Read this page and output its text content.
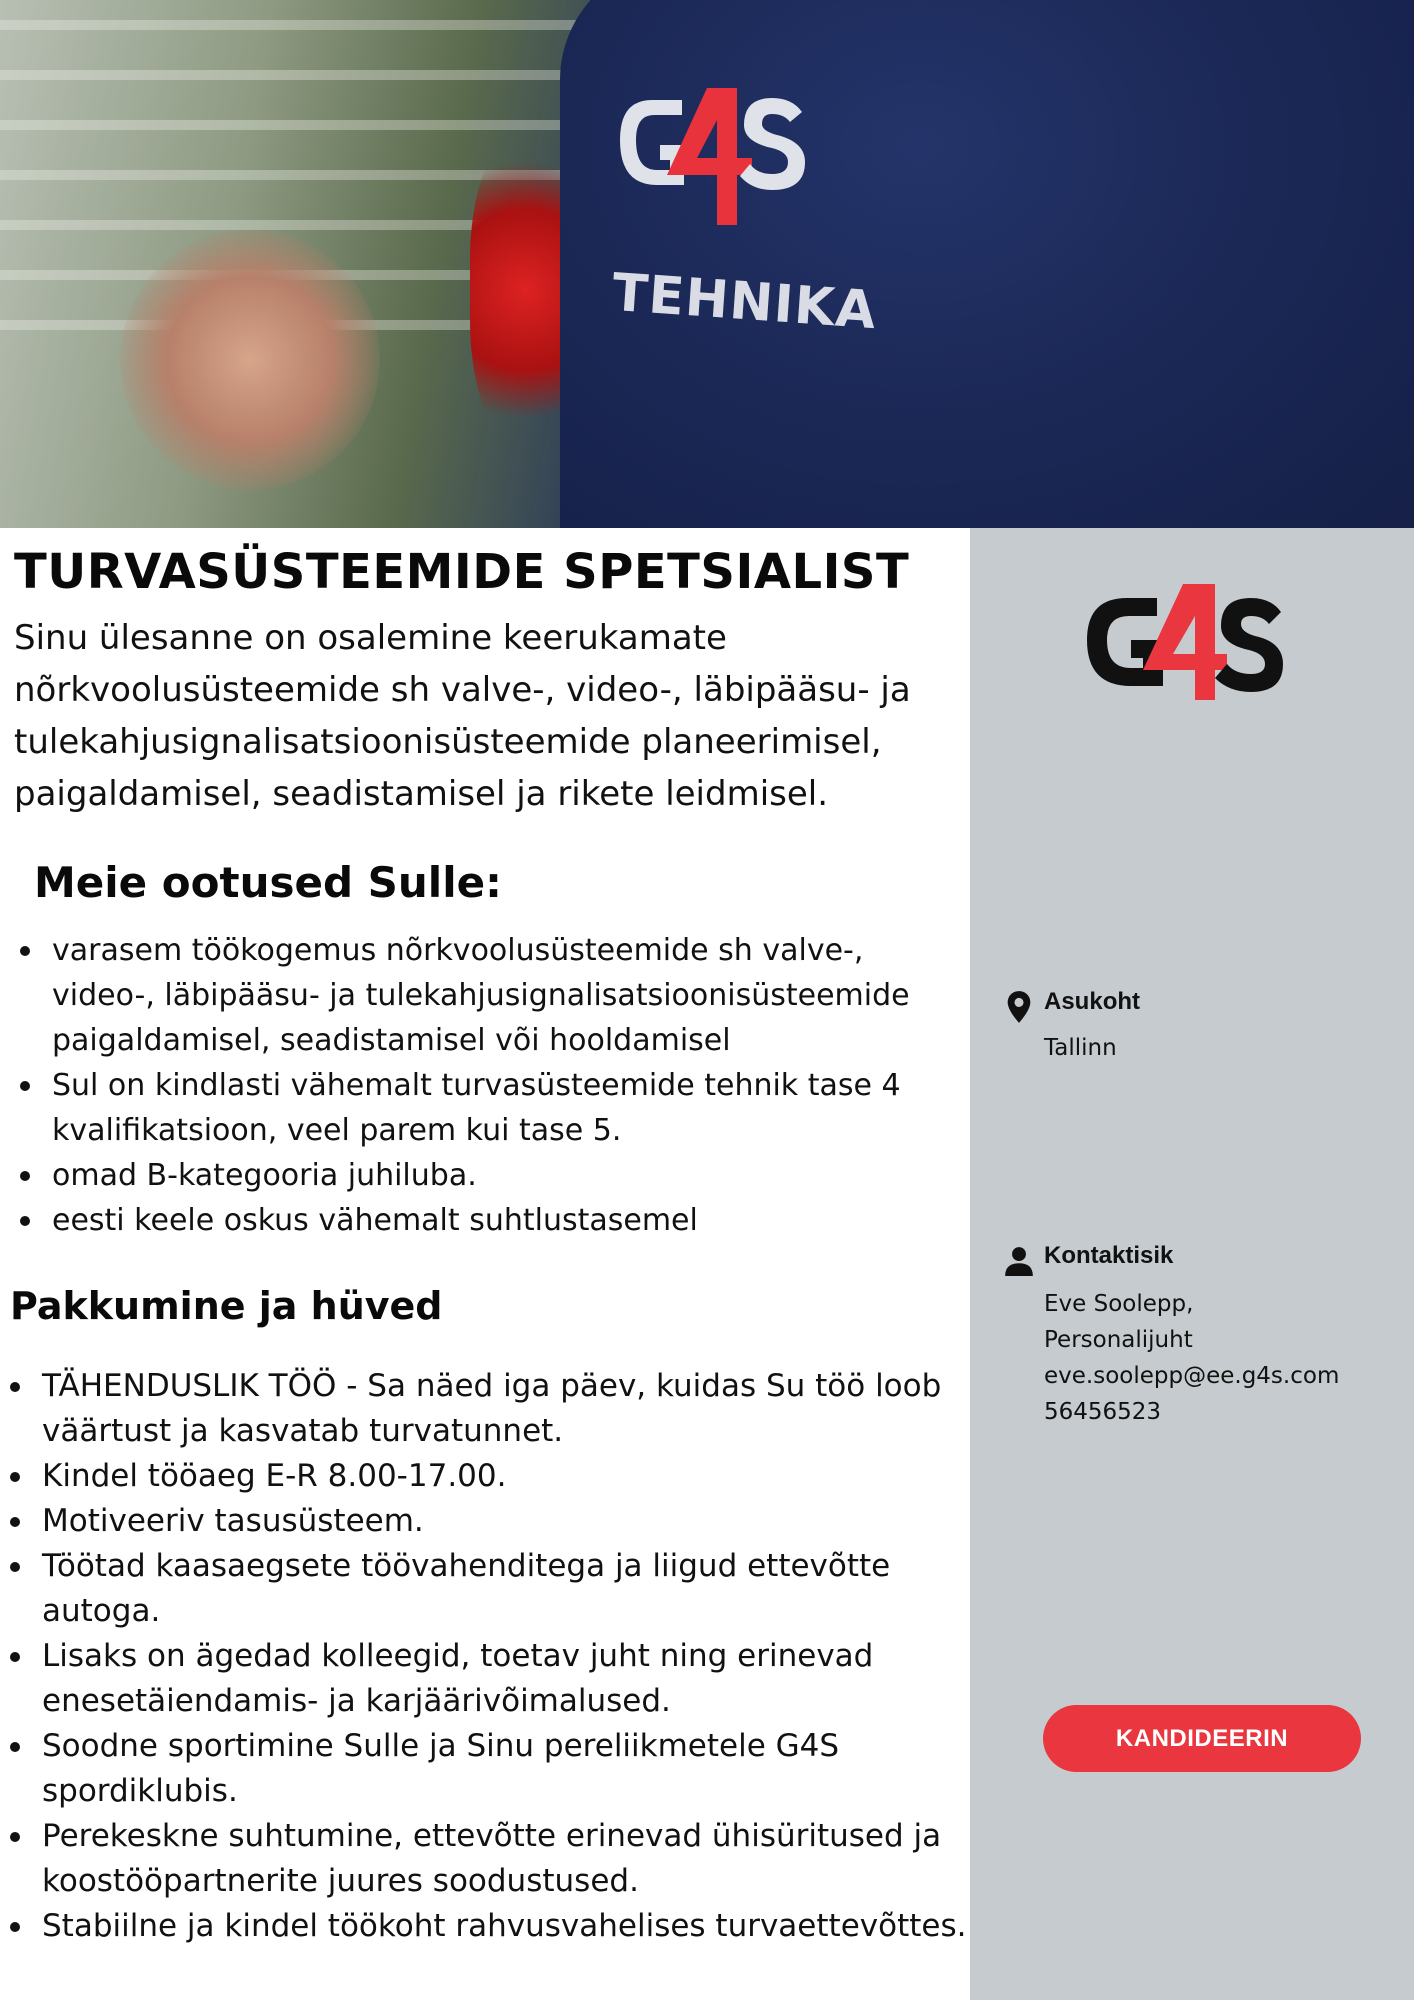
TEHNIKA
Asukoht
Tallinn
Kontaktisik
Eve Soolepp,
Personalijuht
eve.soolepp@ee.g4s.com
56456523
KANDIDEERIN
TURVASÜSTEEMIDE SPETSIALIST

Sinu ülesanne on osalemine keerukamate nõrkvoolusüsteemide sh valve-, video-, läbipääsu- ja tulekahjusignalisatsioonisüsteemide planeerimisel, paigaldamisel, seadistamisel ja rikete leidmisel.

Meie ootused Sulle:
varasem töökogemus nõrkvoolusüsteemide sh valve-, video-, läbipääsu- ja tulekahjusignalisatsioonisüsteemide paigaldamisel, seadistamisel või hooldamisel
Sul on kindlasti vähemalt turvasüsteemide tehnik tase 4 kvalifikatsioon, veel parem kui tase 5.
omad B-kategooria juhiluba.
eesti keele oskus vähemalt suhtlustasemel
Pakkumine ja hüved
TÄHENDUSLIK TÖÖ - Sa näed iga päev, kuidas Su töö loob väärtust ja kasvatab turvatunnet.
Kindel tööaeg E-R 8.00-17.00.
Motiveeriv tasusüsteem.
Töötad kaasaegsete töövahenditega ja liigud ettevõtte autoga.
Lisaks on ägedad kolleegid, toetav juht ning erinevad enesetäiendamis- ja karjäärivõimalused.
Soodne sportimine Sulle ja Sinu pereliikmetele G4S spordiklubis.
Perekeskne suhtumine, ettevõtte erinevad ühisüritused ja koostööpartnerite juures soodustused.
Stabiilne ja kindel töökoht rahvusvahelises turvaettevõttes.
